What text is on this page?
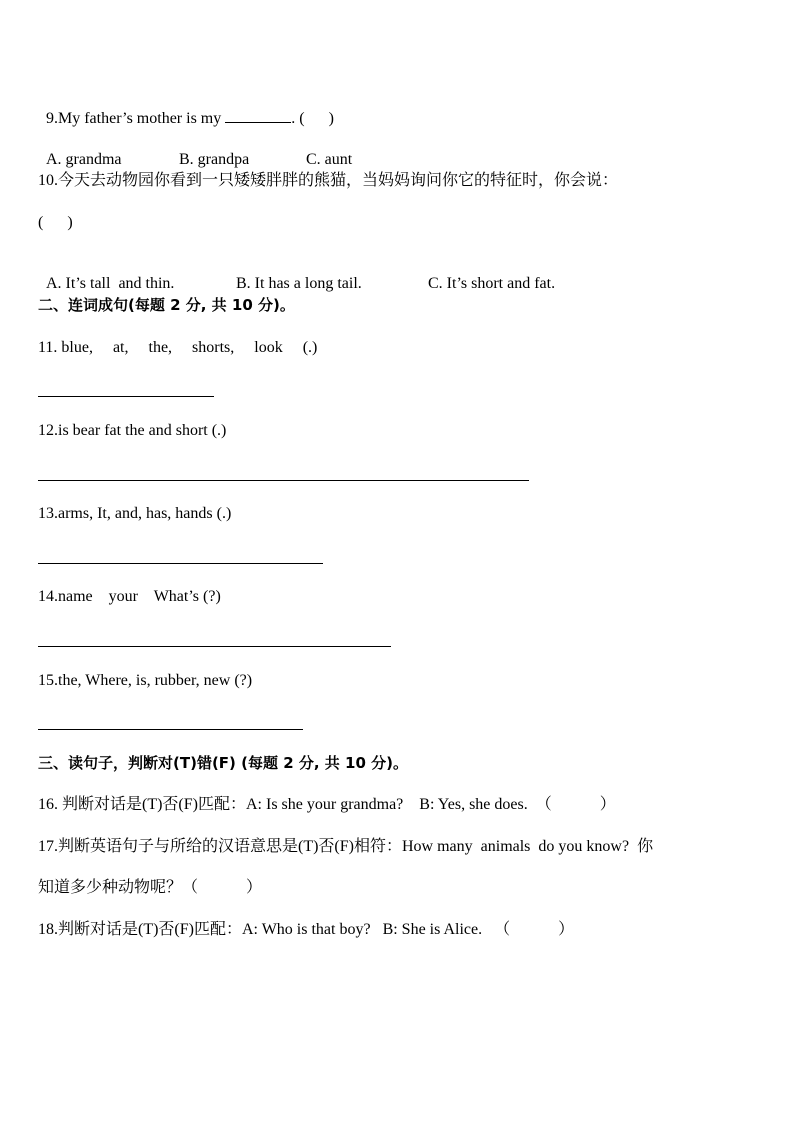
9.My father’s mother is my	. (      )

A. grandma	B. grandpa	C. aunt

10.今天去动物园你看到一只矮矮胖胖的熊猫，当妈妈询问你它的特征时，你会说：
(      )

A. It’s tall  and thin.	B. It has a long tail.	C. It’s short and fat.

二、连词成句(每题 2 分, 共 10 分)。
11. blue,     at,     the,     shorts,     look     (.)
12.is bear fat the and short (.)
13.arms, It, and, has, hands (.)
14.name    your    What’s (?)
15.the, Where, is, rubber, new (?)
三、读句子，判断对(T)错(F) (每题 2 分, 共 10 分)。
16. 判断对话是(T)否(F)匹配：A: Is she your grandma?    B: Yes, she does.  （            ）
17.判断英语句子与所给的汉语意思是(T)否(F)相符：How many  animals  do you know?  你
知道多少种动物呢？（            ）
18.判断对话是(T)否(F)匹配：A: Who is that boy?   B: She is Alice.   （            ）
